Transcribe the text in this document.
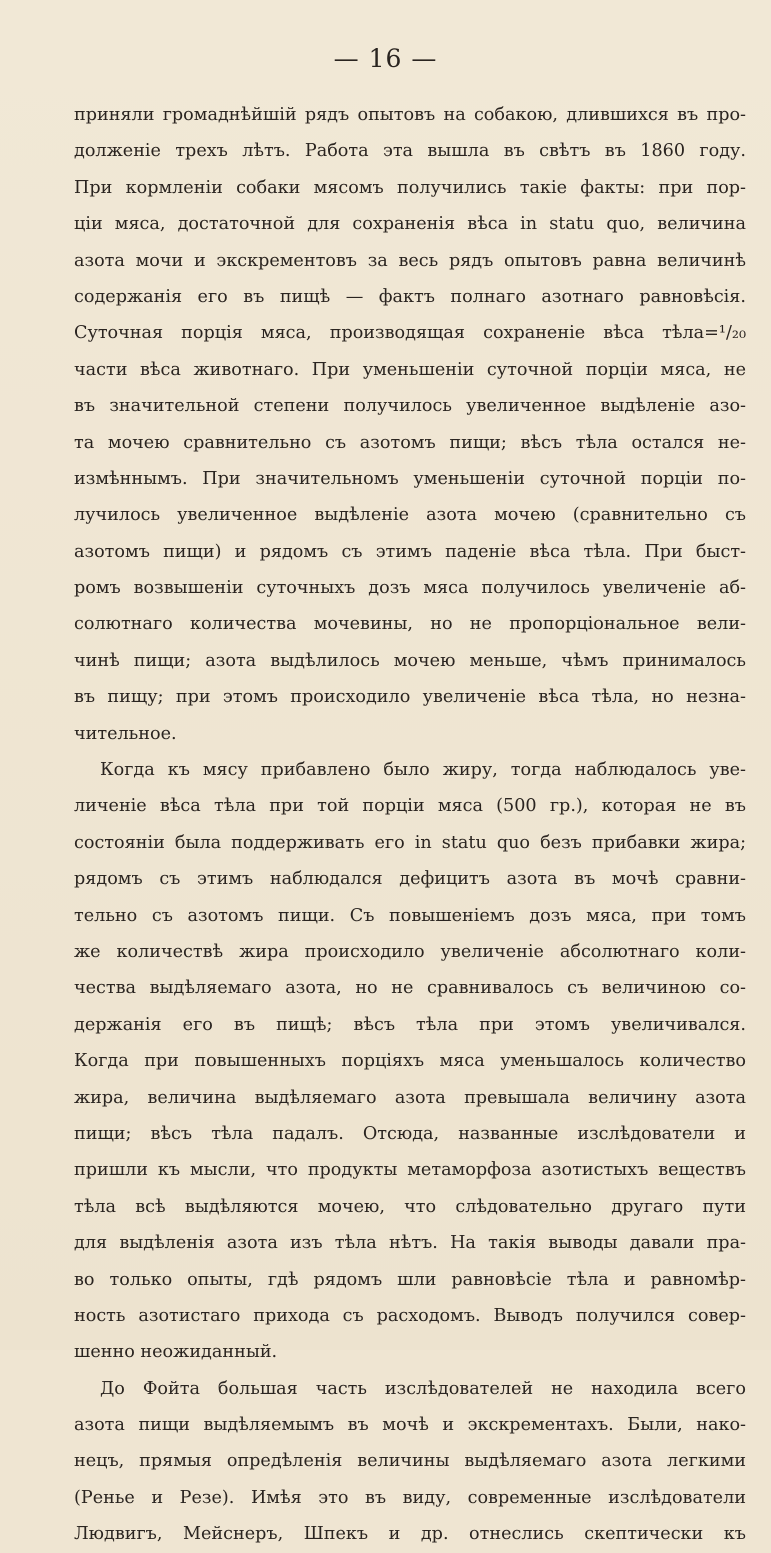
— 16 —
приняли громаднѣйшiй рядъ опытовъ на собакою, длившихся въ про-
долженiе трехъ лѣтъ. Работа эта вышла въ свѣтъ въ 1860 году.
При кормленiи собаки мясомъ получились такiе факты: при пор-
цiи мяса, достаточной для сохраненiя вѣса in statu quo, величина
азота мочи и экскрементовъ за весь рядъ опытовъ равна величинѣ
содержанiя его въ пищѣ — фактъ полнаго азотнаго равновѣсiя.
Суточная порцiя мяса, производящая сохраненiе вѣса тѣла=¹/₂₀
части вѣса животнаго. При уменьшенiи суточной порцiи мяса, не
въ значительной степени получилось увеличенное выдѣленiе азо-
та мочею сравнительно съ азотомъ пищи; вѣсъ тѣла остался не-
измѣннымъ. При значительномъ уменьшенiи суточной порцiи по-
лучилось увеличенное выдѣленiе азота мочею (сравнительно съ
азотомъ пищи) и рядомъ съ этимъ паденiе вѣса тѣла. При быст-
ромъ возвышенiи суточныхъ дозъ мяса получилось увеличенiе аб-
солютнаго количества мочевины, но не пропорцiональное вели-
чинѣ пищи; азота выдѣлилось мочею меньше, чѣмъ принималось
въ пищу; при этомъ происходило увеличенiе вѣса тѣла, но незна-
чительное.
Когда къ мясу прибавлено было жиру, тогда наблюдалось уве-
личенiе вѣса тѣла при той порцiи мяса (500 гр.), которая не въ
состоянiи была поддерживать его in statu quo безъ прибавки жира;
рядомъ съ этимъ наблюдался дефицитъ азота въ мочѣ сравни-
тельно съ азотомъ пищи. Съ повышенiемъ дозъ мяса, при томъ
же количествѣ жира происходило увеличенiе абсолютнаго коли-
чества выдѣляемаго азота, но не сравнивалось съ величиною со-
держанiя его въ пищѣ; вѣсъ тѣла при этомъ увеличивался.
Когда при повышенныхъ порцiяхъ мяса уменьшалось количество
жира, величина выдѣляемаго азота превышала величину азота
пищи; вѣсъ тѣла падалъ. Отсюда, названные изслѣдователи и
пришли къ мысли, что продукты метаморфоза азотистыхъ веществъ
тѣла всѣ выдѣляются мочею, что слѣдовательно другаго пути
для выдѣленiя азота изъ тѣла нѣтъ. На такiя выводы давали пра-
во только опыты, гдѣ рядомъ шли равновѣсiе тѣла и равномѣр-
ность азотистаго прихода съ расходомъ. Выводъ получился совер-
шенно неожиданный.
До Фойта большая часть изслѣдователей не находила всего
азота пищи выдѣляемымъ въ мочѣ и экскрементахъ. Были, нако-
нецъ, прямыя опредѣленiя величины выдѣляемаго азота легкими
(Ренье и Резе). Имѣя это въ виду, современные изслѣдователи
Людвигъ, Мейснеръ, Шпекъ и др. отнеслись скептически къ
